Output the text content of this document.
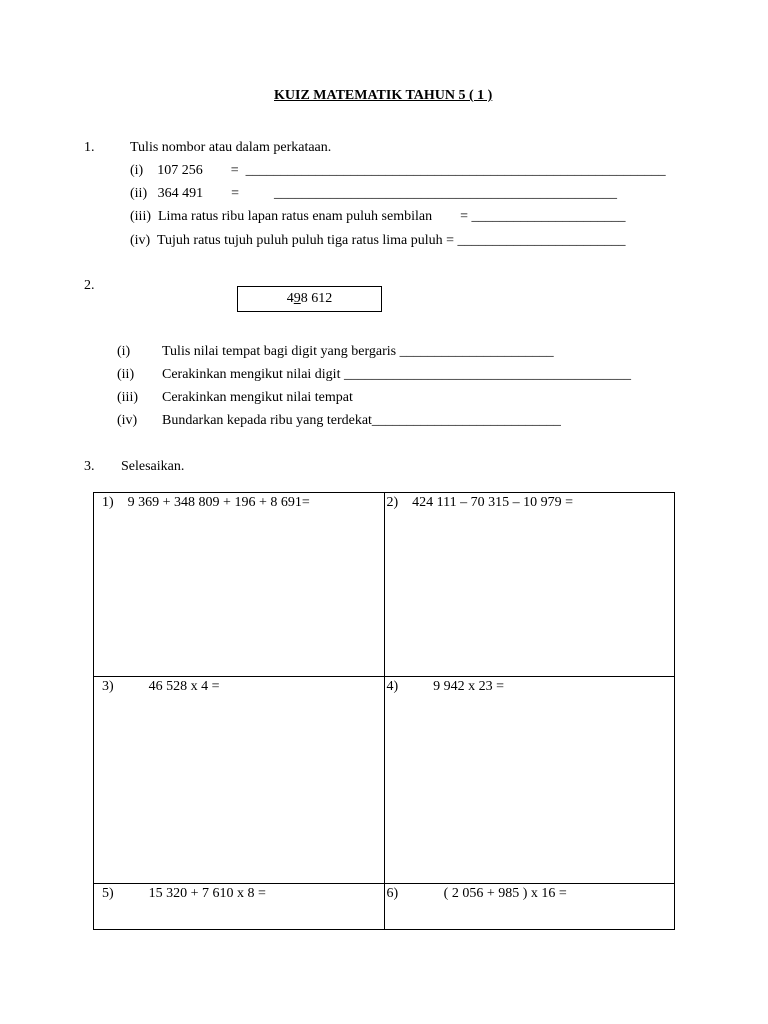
KUIZ MATEMATIK TAHUN 5 ( 1 )
1.	Tulis nombor atau dalam perkataan.
(i)    107 256        =  ____________________________________________________________
(ii)   364 491        =          _________________________________________________
(iii)  Lima ratus ribu lapan ratus enam puluh sembilan        = ______________________
(iv)  Tujuh ratus tujuh puluh puluh tiga ratus lima puluh = ________________________
2.
498 612
(i) Tulis nilai tempat bagi digit yang bergaris ______________________
(ii) Cerakinkan mengikut nilai digit _________________________________________
(iii) Cerakinkan mengikut nilai tempat
(iv) Bundarkan kepada ribu yang terdekat___________________________
3. Selesaikan.
1)    9 369 + 348 809 + 196 + 8 691=	2)    424 111 – 70 315 – 10 979 =

3)          46 528 x 4 =	4)          9 942 x 23 =

5)          15 320 + 7 610 x 8 =	6)             ( 2 056 + 985 ) x 16 =
